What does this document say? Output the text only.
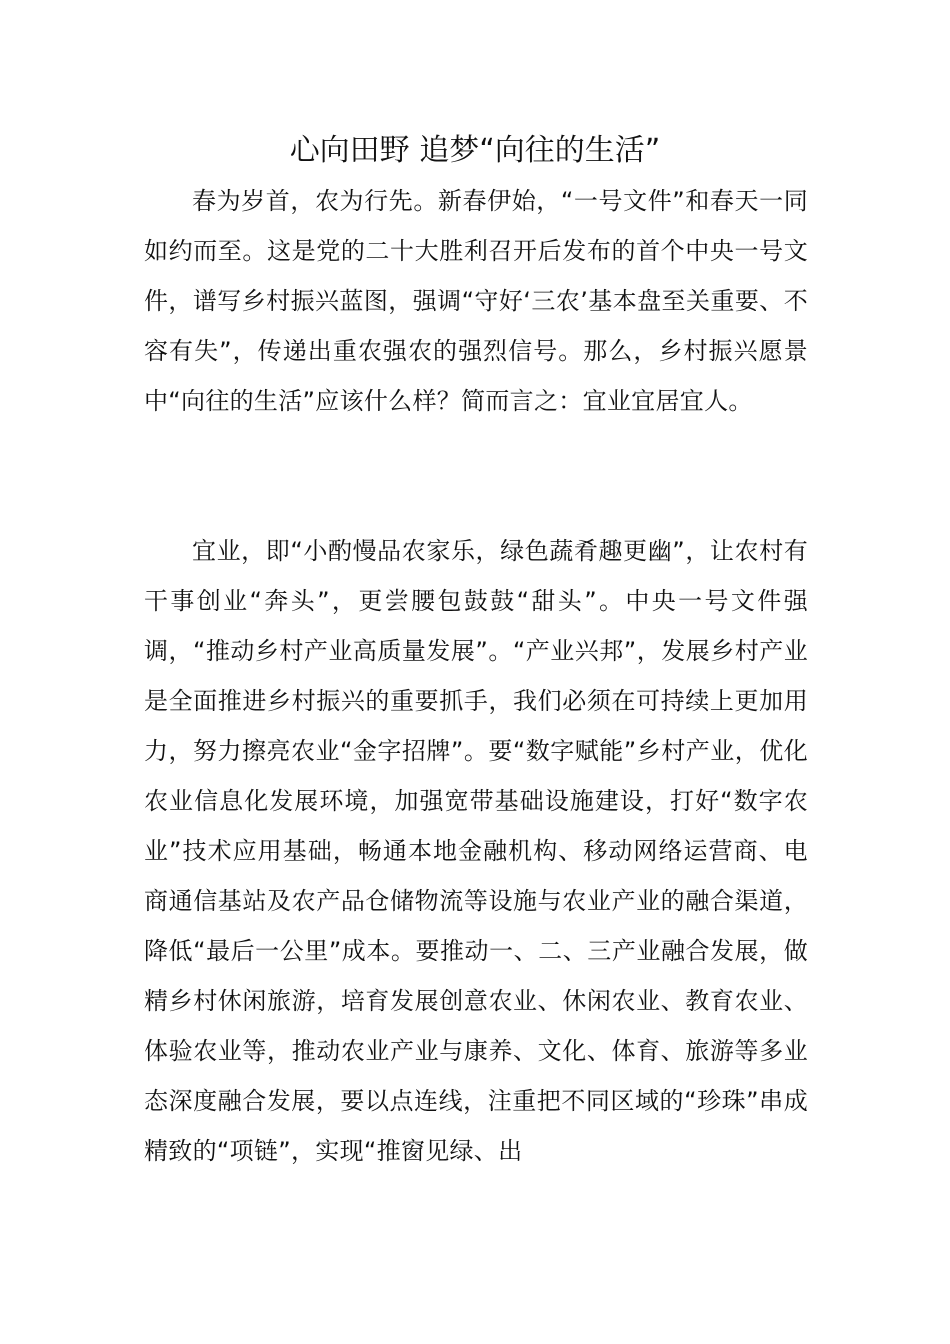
心向田野 追梦“向往的生活”

春为岁首，农为行先。新春伊始，“一号文件”和春天一同如约而至。这是党的二十大胜利召开后发布的首个中央一号文件，谱写乡村振兴蓝图，强调“守好‘三农’基本盘至关重要、不容有失”，传递出重农强农的强烈信号。那么，乡村振兴愿景中“向往的生活”应该什么样？简而言之：宜业宜居宜人。

宜业，即“小酌慢品农家乐，绿色蔬肴趣更幽”，让农村有干事创业“奔头”，更尝腰包鼓鼓“甜头”。中央一号文件强调，“推动乡村产业高质量发展”。“产业兴邦”，发展乡村产业是全面推进乡村振兴的重要抓手，我们必须在可持续上更加用力，努力擦亮农业“金字招牌”。要“数字赋能”乡村产业，优化农业信息化发展环境，加强宽带基础设施建设，打好“数字农业”技术应用基础，畅通本地金融机构、移动网络运营商、电商通信基站及农产品仓储物流等设施与农业产业的融合渠道，降低“最后一公里”成本。要推动一、二、三产业融合发展，做精乡村休闲旅游，培育发展创意农业、休闲农业、教育农业、体验农业等，推动农业产业与康养、文化、体育、旅游等多业态深度融合发展，要以点连线，注重把不同区域的“珍珠”串成精致的“项链”，实现“推窗见绿、出
